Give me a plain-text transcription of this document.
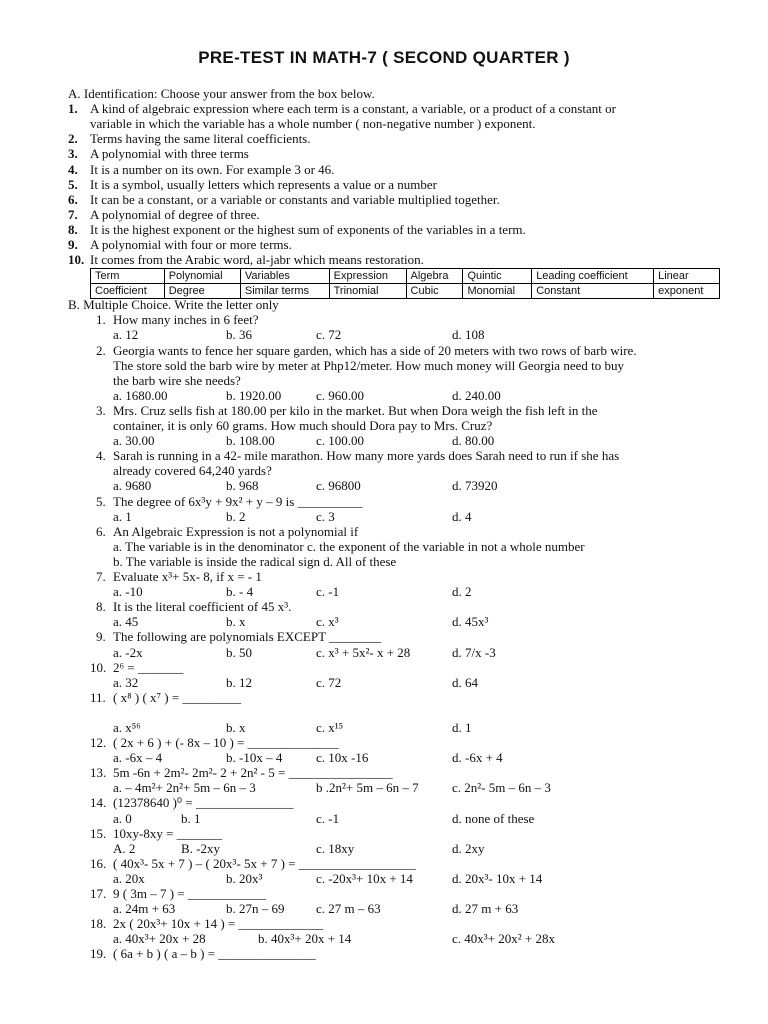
PRE-TEST IN MATH-7 ( SECOND QUARTER )
A. Identification: Choose your answer from the box below.
1. A kind of algebraic expression where each term is a constant, a variable, or a product of a constant or
variable in which the variable has a whole number ( non-negative number ) exponent.
2. Terms having the same literal coefficients.
3. A polynomial with three terms
4. It is a number on its own. For example 3 or 46.
5. It is a symbol, usually letters which represents a value or a number
6. It can be a constant, or a variable or constants and variable multiplied together.
7. A polynomial of degree of three.
8. It is the highest exponent or the highest sum of exponents of the variables in a term.
9. A polynomial with four or more terms.
10. It comes from the Arabic word, al-jabr which means restoration.
Term	Polynomial	Variables	Expression	Algebra	Quintic	Leading coefficient	Linear
Coefficient	Degree	Similar terms	Trinomial	Cubic	Monomial	Constant	exponent
B. Multiple Choice. Write the letter only
1. How many inches in 6 feet?
a. 12	b. 36	c. 72	d. 108
2. Georgia wants to fence her square garden, which has a side of 20 meters with two rows of barb wire.
The store sold the barb wire by meter at Php12/meter. How much money will Georgia need to buy
the barb wire she needs?
a. 1680.00	b. 1920.00	c. 960.00	d. 240.00
3. Mrs. Cruz sells fish at 180.00 per kilo in the market. But when Dora weigh the fish left in the
container, it is only 60 grams. How much should Dora pay to Mrs. Cruz?
a. 30.00	b. 108.00	c. 100.00	d. 80.00
4. Sarah is running in a 42- mile marathon. How many more yards does Sarah need to run if she has
already covered 64,240 yards?
a. 9680	b. 968	c. 96800	d. 73920
5. The degree of 6x³y + 9x² + y – 9 is __________
a. 1	b. 2	c. 3	d. 4
6. An Algebraic Expression is not a polynomial if
a. The variable is in the denominator c. the exponent of the variable in not a whole number
b. The variable is inside the radical sign d. All of these
7. Evaluate x³+ 5x- 8, if x = - 1
a. -10	b. - 4	c. -1	d. 2
8. It is the literal coefficient of 45 x³.
a. 45	b. x	c. x³	d. 45x³
9. The following are polynomials EXCEPT ________
a. -2x	b. 50	c. x³ + 5x²- x + 28	d. 7/x -3
10. 2⁶ = _______
a. 32	b. 12	c. 72	d. 64
11. ( x⁸ ) ( x⁷ ) = _________
a. x⁵⁶	b. x	c. x¹⁵	d. 1
12. ( 2x + 6 ) + (- 8x – 10 ) = ______________
a. -6x – 4	b. -10x – 4	c. 10x -16	d. -6x + 4
13. 5m -6n + 2m²- 2m²- 2 + 2n² - 5 = ________________
a. – 4m²+ 2n²+ 5m – 6n – 3	b .2n²+ 5m – 6n – 7	c. 2n²- 5m – 6n – 3
14. (12378640 )⁰ = _______________
a. 0	b. 1	c. -1	d. none of these
15. 10xy-8xy = _______
A. 2	B. -2xy	c. 18xy	d. 2xy
16. ( 40x³- 5x + 7 ) – ( 20x³- 5x + 7 ) = __________________
a. 20x	b. 20x³	c. -20x³+ 10x + 14	d. 20x³- 10x + 14
17. 9 ( 3m – 7 ) = ____________
a. 24m + 63	b. 27n – 69 c. 27 m – 63	d. 27 m + 63
18. 2x ( 20x³+ 10x + 14 ) = _____________
a. 40x³+ 20x + 28	b. 40x³+ 20x + 14	c. 40x³+ 20x² + 28x
19. ( 6a + b ) ( a – b ) = _______________
